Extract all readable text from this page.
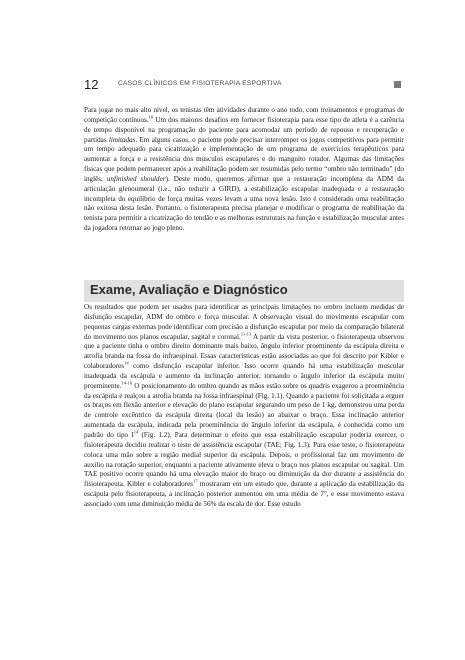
12	CASOS CLÍNICOS EM FISIOTERAPIA ESPORTIVA

Para jogar no mais alto nível, os tenistas têm atividades durante o ano todo, com treinamentos e programas de competição contínuos.$^{10}$ Um dos maiores desafios em fornecer fisioterapia para esse tipo de atleta é a carência de tempo disponível na programação do paciente para acomodar um período de repouso e recuperação e partidas limitadas. Em alguns casos, o paciente pode precisar interromper os jogos competitivos para permitir um tempo adequado para cicatrização e implementação de um programa de exercícios terapêuticos para aumentar a força e a resistência dos músculos escapulares e do manguito rotador. Algumas das limitações físicas que podem permanecer após a reabilitação podem ser resumidas pelo termo “ombro não terminado” (do inglês, unfinished shoulder). Deste modo, queremos afirmar que a restauração incompleta da ADM da articulação glenoumeral (i.e., não reduzir a GIRD), a estabilização escapular inadequada e a restauração incompleta do equilíbrio de força muitas vezes levam a uma nova lesão. Isto é considerado uma reabilitação não exitosa desta lesão. Portanto, o fisioterapeuta precisa planejar e modificar o programa de reabilitação da tenista para permitir a cicatrização do tendão e as melhoras estruturais na função e estabilização muscular antes da jogadora retornar ao jogo pleno.

Exame, Avaliação e Diagnóstico

Os resultados que podem ser usados para identificar as principais limitações no ombro incluem medidas de disfunção escapular, ADM do ombro e força muscular. A observação visual do movimento escapular com pequenas cargas externas pode identificar com precisão a disfunção escapular por meio da comparação bilateral do movimento nos planos escapular, sagital e coronal.$^{11-13}$ A partir da vista posterior, o fisioterapeuta observou que a paciente tinha o ombro direito dominante mais baixo, ângulo inferior proeminente da escápula direita e atrofia branda na fossa do infraespinal. Essas características estão associadas ao que foi descrito por Kibler e colaboradores$^{14}$ como disfunção escapular inferior. Isso ocorre quando há uma estabilização muscular inadequada da escápula e aumento da inclinação anterior, tornando o ângulo inferior da escápula muito proeminente.$^{14-16}$ O posicionamento do ombro quando as mãos estão sobre os quadris exagerou a proeminência da escápula e realçou a atrofia branda na fossa infraespinal (Fig. 1.1). Quando a paciente foi solicitada a erguer os braços em flexão anterior e elevação do plano escapular segurando um peso de 1 kg, demonstrou uma perda de controle excêntrico da escápula direita (local da lesão) ao abaixar o braço. Essa inclinação anterior aumentada da escápula, indicada pela proeminência do ângulo inferior da escápula, é conhecida como um padrão do tipo $I^{14}$ (Fig. 1.2). Para determinar o efeito que essa estabilização escapular poderia exercer, o fisioterapeuta decidiu realizar o teste de assistência escapular (TAE; Fig. 1.3). Para esse teste, o fisioterapeuta coloca uma mão sobre a região medial superior da escápula. Depois, o profissional faz um movimento de auxílio na rotação superior, enquanto a paciente ativamente eleva o braço nos planos escapular ou sagital. Um TAE positivo ocorre quando há uma elevação maior do braço ou diminuição da dor durante a assistência do fisioterapeuta. Kibler e colaboradores$^{17}$ mostraram em um estudo que, durante a aplicação da estabilização da escápula pelo fisioterapeuta, a inclinação posterior aumentou em uma média de 7°, e esse movimento estava associado com uma diminuição média de 56% da escala de dor. Esse estudo
